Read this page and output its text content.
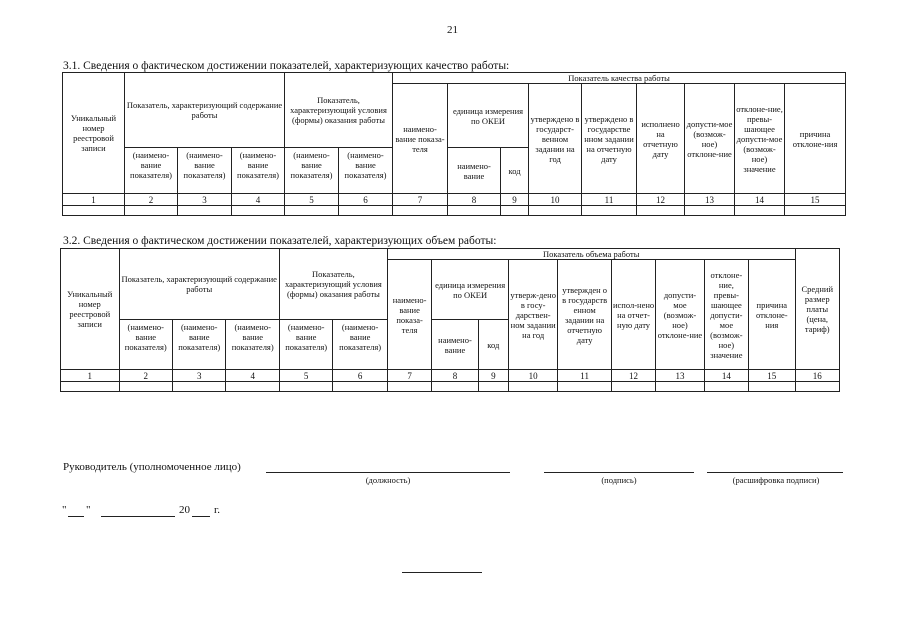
21
3.1. Сведения о фактическом достижении показателей, характеризующих качество работы:
Уникальный номер реестровой записи	Показатель, характеризующий содержание работы			Показатель, характеризующий условия (формы) оказания работы		Показатель качества работы								
						наимено-вание показа-теля	единица измерения по ОКЕИ		утверждено в государст-венном задании на год	утверждено в государстве нном задании на отчетную дату	исполнено на отчетную дату	допусти-мое (возмож-ное) отклоне-ние	отклоне-ние, превы-шающее допусти-мое (возмож-ное) значение	причина отклоне-ния
	(наимено-вание показателя)	(наимено-вание показателя)	(наимено-вание показателя)	(наимено-вание показателя)	(наимено-вание показателя)		наимено-вание	код						
1	2	3	4	5	6	7	8	9	10	11	12	13	14	15

3.2. Сведения о фактическом достижении показателей, характеризующих объем работы:
Уникальный номер реестровой записи	Показатель, характеризующий содержание работы			Показатель, характеризующий условия (формы) оказания работы		Показатель объема работы									Средний размер платы (цена, тариф)
						наимено-вание показа-теля	единица измерения по ОКЕИ		утверж-дено в госу-дарствен-ном задании на год	утвержден о в государств енном задании на отчетную дату	испол-нено на отчет-ную дату	допусти-мое (возмож-ное) отклоне-ние	отклоне-ние, превы-шающее допусти-мое (возмож-ное) значение	причина отклоне-ния	
	(наимено-вание показателя)	(наимено-вание показателя)	(наимено-вание показателя)	(наимено-вание показателя)	(наимено-вание показателя)		наимено-вание	код							
1	2	3	4	5	6	7	8	9	10	11	12	13	14	15	16

Руководитель (уполномоченное лицо)
(должность)	(подпись)	(расшифровка подписи)
" "	20 г.
